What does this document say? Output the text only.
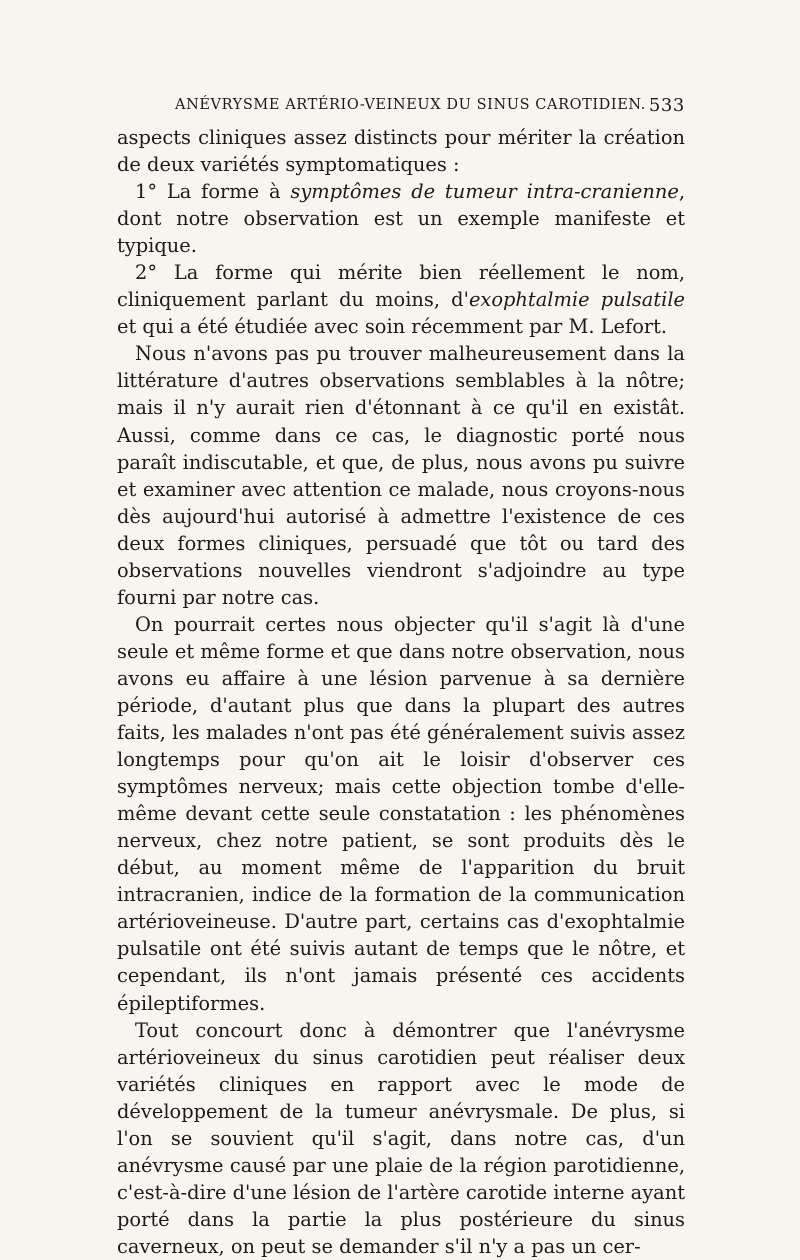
ANÉVRYSME ARTÉRIO-VEINEUX DU SINUS CAROTIDIEN. 533

aspects cliniques assez distincts pour mériter la création de deux variétés symptomatiques :

1° La forme à symptômes de tumeur intra-cranienne, dont notre observation est un exemple manifeste et typique.

2° La forme qui mérite bien réellement le nom, cliniquement parlant du moins, d'exophtalmie pulsatile et qui a été étudiée avec soin récemment par M. Lefort.

Nous n'avons pas pu trouver malheureusement dans la littérature d'autres observations semblables à la nôtre; mais il n'y aurait rien d'étonnant à ce qu'il en existât. Aussi, comme dans ce cas, le diagnostic porté nous paraît indiscutable, et que, de plus, nous avons pu suivre et examiner avec attention ce malade, nous croyons-nous dès aujourd'hui autorisé à admettre l'existence de ces deux formes cliniques, persuadé que tôt ou tard des observations nouvelles viendront s'adjoindre au type fourni par notre cas.

On pourrait certes nous objecter qu'il s'agit là d'une seule et même forme et que dans notre observation, nous avons eu affaire à une lésion parvenue à sa dernière période, d'autant plus que dans la plupart des autres faits, les malades n'ont pas été généralement suivis assez longtemps pour qu'on ait le loisir d'observer ces symptômes nerveux; mais cette objection tombe d'elle-même devant cette seule constatation : les phénomènes nerveux, chez notre patient, se sont produits dès le début, au moment même de l'apparition du bruit intracranien, indice de la formation de la communication artérioveineuse. D'autre part, certains cas d'exophtalmie pulsatile ont été suivis autant de temps que le nôtre, et cependant, ils n'ont jamais présenté ces accidents épileptiformes.

Tout concourt donc à démontrer que l'anévrysme artérioveineux du sinus carotidien peut réaliser deux variétés cliniques en rapport avec le mode de développement de la tumeur anévrysmale. De plus, si l'on se souvient qu'il s'agit, dans notre cas, d'un anévrysme causé par une plaie de la région parotidienne, c'est-à-dire d'une lésion de l'artère carotide interne ayant porté dans la partie la plus postérieure du sinus caverneux, on peut se demander s'il n'y a pas un cer-
